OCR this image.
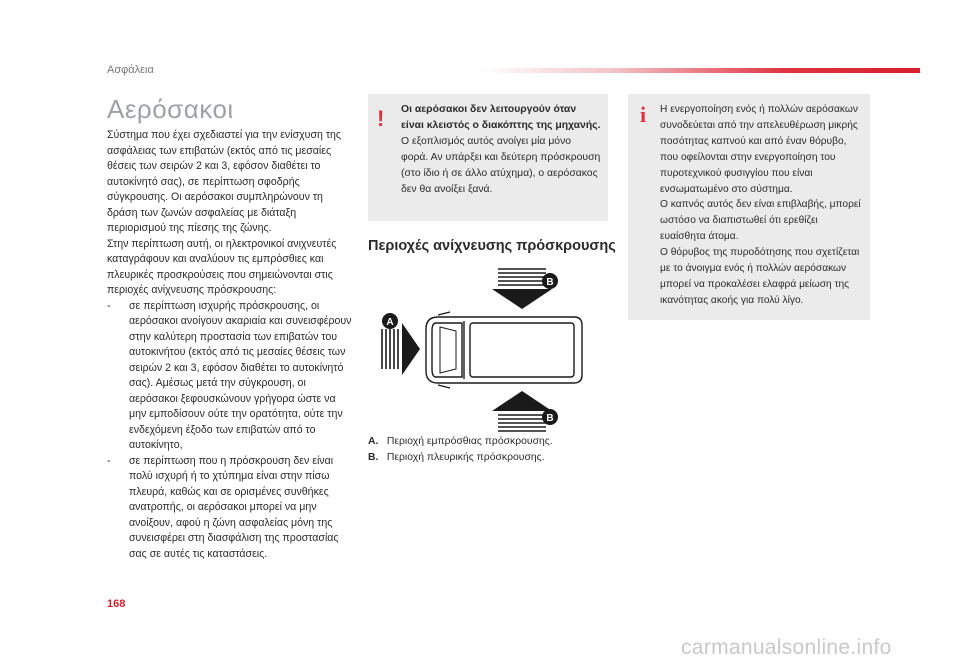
Ασφάλεια
Αερόσακοι

Σύστημα που έχει σχεδιαστεί για την ενίσχυση της ασφάλειας των επιβατών (εκτός από τις μεσαίες θέσεις των σειρών 2 και 3, εφόσον διαθέτει το αυτοκίνητό σας), σε περίπτωση σφοδρής σύγκρουσης. Οι αερόσακοι συμπληρώνουν τη δράση των ζωνών ασφαλείας με διάταξη περιορισμού της πίεσης της ζώνης.

Στην περίπτωση αυτή, οι ηλεκτρονικοί ανιχνευτές καταγράφουν και αναλύουν τις εμπρόσθιες και πλευρικές προσκρούσεις που σημειώνονται στις περιοχές ανίχνευσης πρόσκρουσης:

- σε περίπτωση ισχυρής πρόσκρουσης, οι αερόσακοι ανοίγουν ακαριαία και συνεισφέρουν στην καλύτερη προστασία των επιβατών του αυτοκινήτου (εκτός από τις μεσαίες θέσεις των σειρών 2 και 3, εφόσον διαθέτει το αυτοκίνητό σας). Αμέσως μετά την σύγκρουση, οι αερόσακοι ξεφουσκώνουν γρήγορα ώστε να μην εμποδίσουν ούτε την ορατότητα, ούτε την ενδεχόμενη έξοδο των επιβατών από το αυτοκίνητο,
- σε περίπτωση που η πρόσκρουση δεν είναι πολύ ισχυρή ή το χτύπημα είναι στην πίσω πλευρά, καθώς και σε ορισμένες συνθήκες ανατροπής, οι αερόσακοι μπορεί να μην ανοίξουν, αφού η ζώνη ασφαλείας μόνη της συνεισφέρει στη διασφάλιση της προστασίας σας σε αυτές τις καταστάσεις.
! Οι αερόσακοι δεν λειτουργούν όταν είναι κλειστός ο διακόπτης της μηχανής.
Ο εξοπλισμός αυτός ανοίγει μία μόνο φορά. Αν υπάρξει και δεύτερη πρόσκρουση (στο ίδιο ή σε άλλο ατύχημα), ο αερόσακος δεν θα ανοίξει ξανά.
Περιοχές ανίχνευσης πρόσκρουσης
B
A
B
A. Περιοχή εμπρόσθιας πρόσκρουσης.
B. Περιοχή πλευρικής πρόσκρουσης.
i Η ενεργοποίηση ενός ή πολλών αερόσακων συνοδεύεται από την απελευθέρωση μικρής ποσότητας καπνού και από έναν θόρυβο, που οφείλονται στην ενεργοποίηση του πυροτεχνικού φυσιγγίου που είναι ενσωματωμένο στο σύστημα.
Ο καπνός αυτός δεν είναι επιβλαβής, μπορεί ωστόσο να διαπιστωθεί ότι ερεθίζει ευαίσθητα άτομα.
Ο θόρυβος της πυροδότησης που σχετίζεται με το άνοιγμα ενός ή πολλών αερόσακων μπορεί να προκαλέσει ελαφρά μείωση της ικανότητας ακοής για πολύ λίγο.
168
carmanualsonline.info
